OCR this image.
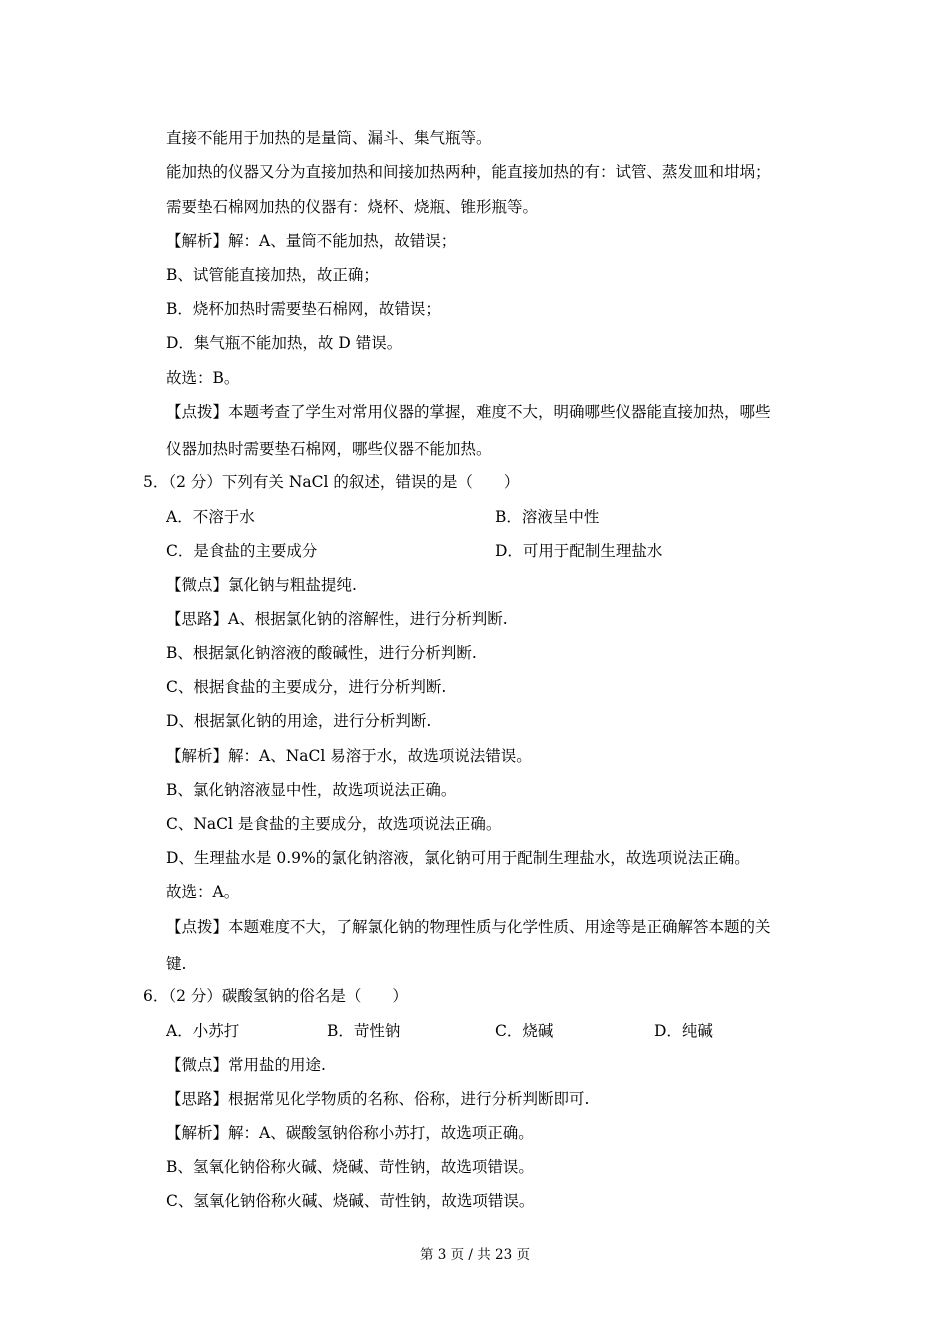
直接不能用于加热的是量筒、漏斗、集气瓶等。
能加热的仪器又分为直接加热和间接加热两种，能直接加热的有：试管、蒸发皿和坩埚；
需要垫石棉网加热的仪器有：烧杯、烧瓶、锥形瓶等。
【解析】解：A、量筒不能加热，故错误；
B、试管能直接加热，故正确；
B．烧杯加热时需要垫石棉网，故错误；
D．集气瓶不能加热，故 D 错误。
故选：B。
【点拨】本题考查了学生对常用仪器的掌握，难度不大，明确哪些仪器能直接加热，哪些
仪器加热时需要垫石棉网，哪些仪器不能加热。
5．（2 分）下列有关 NaCl 的叙述，错误的是（　　）
A．不溶于水	B．溶液呈中性
C．是食盐的主要成分	D．可用于配制生理盐水
【微点】氯化钠与粗盐提纯.
【思路】A、根据氯化钠的溶解性，进行分析判断.
B、根据氯化钠溶液的酸碱性，进行分析判断.
C、根据食盐的主要成分，进行分析判断.
D、根据氯化钠的用途，进行分析判断.
【解析】解：A、NaCl 易溶于水，故选项说法错误。
B、氯化钠溶液显中性，故选项说法正确。
C、NaCl 是食盐的主要成分，故选项说法正确。
D、生理盐水是 0.9%的氯化钠溶液，氯化钠可用于配制生理盐水，故选项说法正确。
故选：A。
【点拨】本题难度不大，了解氯化钠的物理性质与化学性质、用途等是正确解答本题的关
键.
6．（2 分）碳酸氢钠的俗名是（　　）
A．小苏打	B．苛性钠	C．烧碱	D．纯碱
【微点】常用盐的用途.
【思路】根据常见化学物质的名称、俗称，进行分析判断即可.
【解析】解：A、碳酸氢钠俗称小苏打，故选项正确。
B、氢氧化钠俗称火碱、烧碱、苛性钠，故选项错误。
C、氢氧化钠俗称火碱、烧碱、苛性钠，故选项错误。
第 3 页 / 共 23 页
